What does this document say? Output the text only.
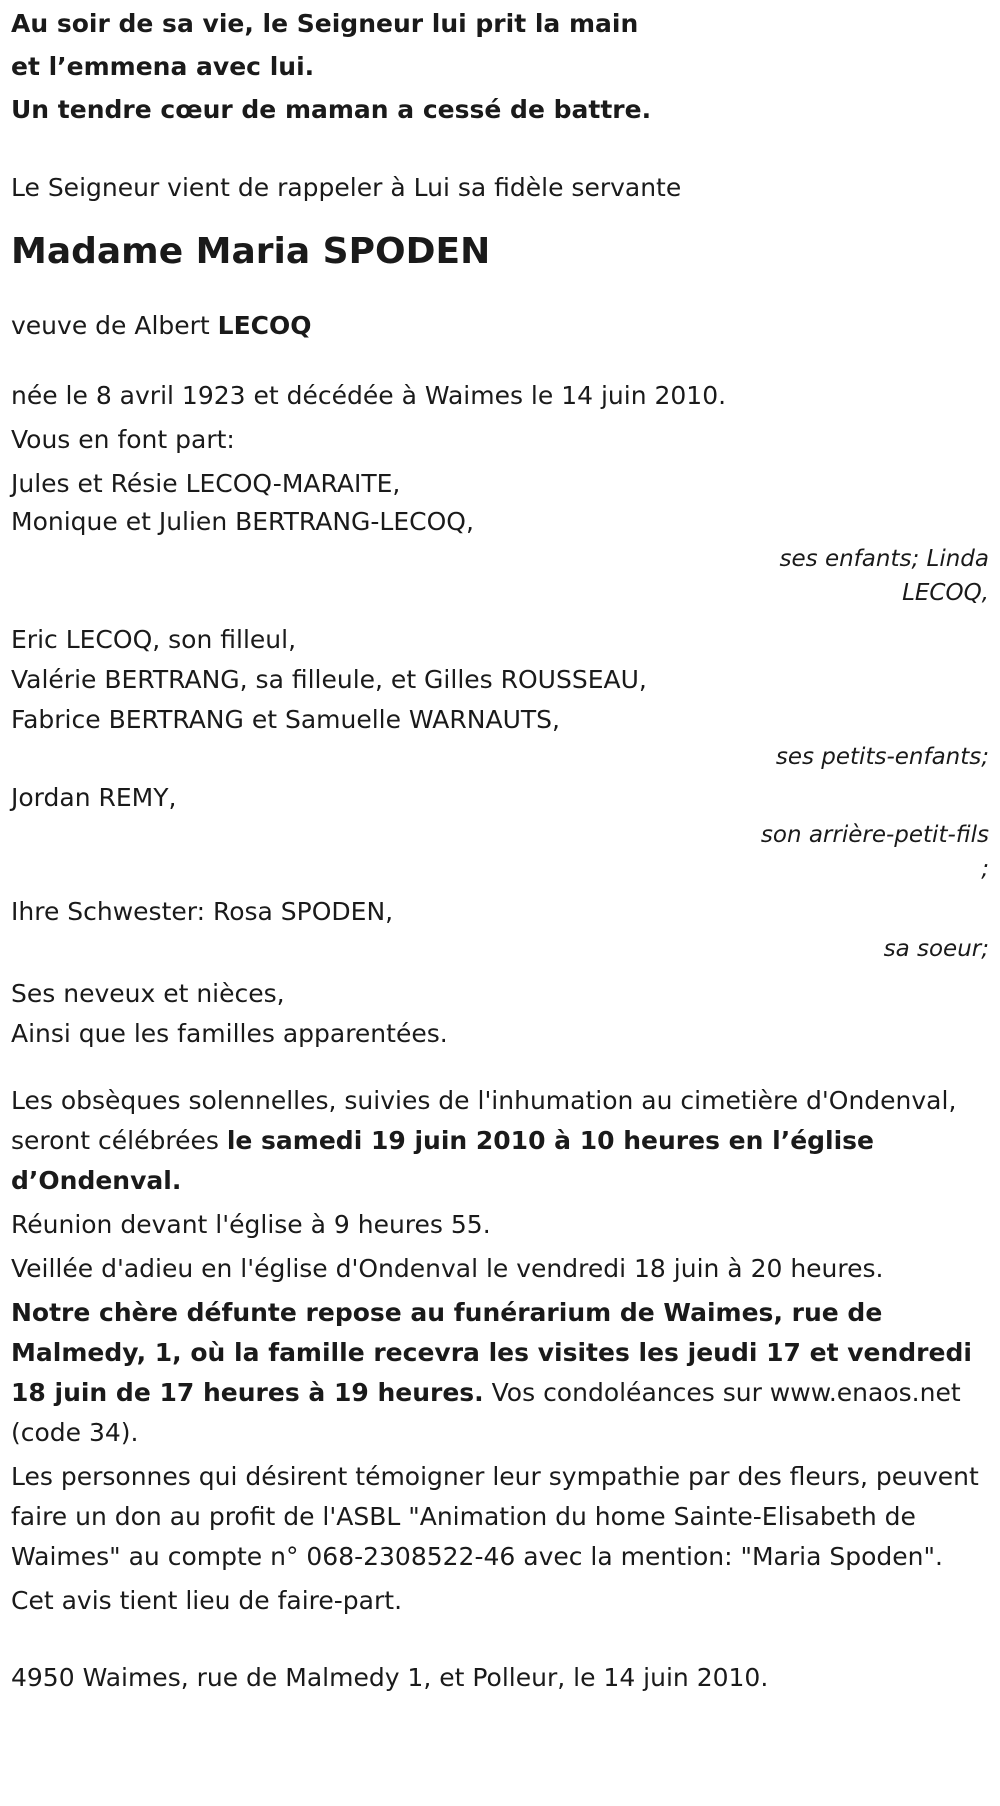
Au soir de sa vie, le Seigneur lui prit la main

et l’emmena avec lui.

Un tendre cœur de maman a cessé de battre.

Le Seigneur vient de rappeler à Lui sa fidèle servante

Madame Maria SPODEN

veuve de Albert LECOQ

née le 8 avril 1923 et décédée à Waimes le 14 juin 2010.

Vous en font part:

Jules et Résie LECOQ-MARAITE,

Monique et Julien BERTRANG-LECOQ,

ses enfants; Linda

LECOQ,

Eric LECOQ, son filleul,

Valérie BERTRANG, sa filleule, et Gilles ROUSSEAU,

Fabrice BERTRANG et Samuelle WARNAUTS,

ses petits-enfants;

Jordan REMY,

son arrière-petit-fils

;

Ihre Schwester: Rosa SPODEN,

sa soeur;

Ses neveux et nièces,

Ainsi que les familles apparentées.

Les obsèques solennelles, suivies de l'inhumation au cimetière d'Ondenval, seront célébrées le samedi 19 juin 2010 à 10 heures en l’église d’Ondenval.

Réunion devant l'église à 9 heures 55.

Veillée d'adieu en l'église d'Ondenval le vendredi 18 juin à 20 heures.

Notre chère défunte repose au funérarium de Waimes, rue de Malmedy, 1, où la famille recevra les visites les jeudi 17 et vendredi 18 juin de 17 heures à 19 heures. Vos condoléances sur www.enaos.net (code 34).

Les personnes qui désirent témoigner leur sympathie par des fleurs, peuvent faire un don au profit de l'ASBL "Animation du home Sainte-Elisabeth de Waimes" au compte n° 068-2308522-46 avec la mention: "Maria Spoden".

Cet avis tient lieu de faire-part.

4950 Waimes, rue de Malmedy 1, et Polleur, le 14 juin 2010.
